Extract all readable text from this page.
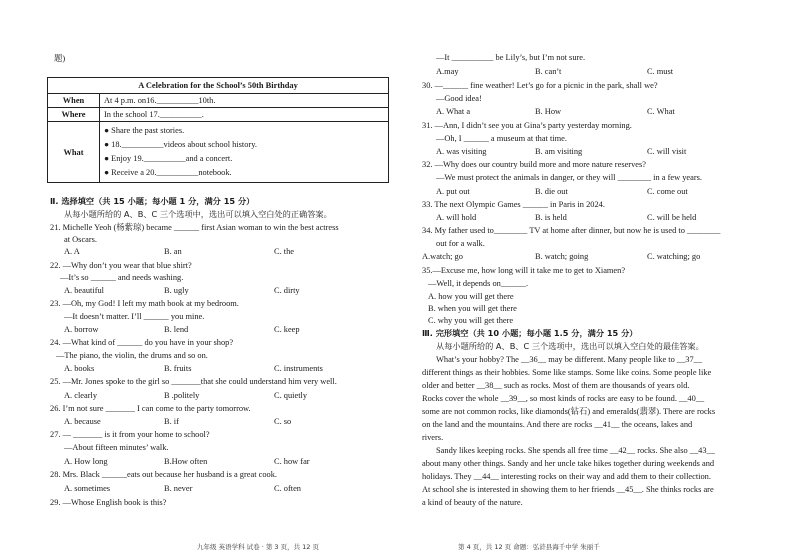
题)
A Celebration for the School’s 50th Birthday	
When	At 4 p.m. on16.__________10th.
Where	In the school 17.__________.
What	● Share the past stories.
● 18.__________videos about school history.
● Enjoy 19.__________and a concert.
● Receive a 20.__________notebook.
Ⅱ. 选择填空（共 15 小题；每小题 1 分，满分 15 分）
从每小题所给的 A、B、C 三个选项中，选出可以填入空白处的正确答案。
21. Michelle Yeoh (杨紫琼) became ______ first Asian woman to win the best actress
at Oscars.
A. A	B. an	C. the
22. —Why don’t you wear that blue shirt?
—It’s so ______ and needs washing.
A. beautiful	B. ugly	C. dirty
23. —Oh, my God! I left my math book at my bedroom.
—It doesn’t matter. I’ll ______ you mine.
A. borrow	B. lend	C. keep
24. —What kind of ______ do you have in your shop?
—The piano, the violin, the drums and so on.
A. books	B. fruits	C. instruments
25. —Mr. Jones spoke to the girl so _______that she could understand him very well.
A. clearly	B .politely	C. quietly
26. I’m not sure _______ I can come to the party tomorrow.
A. because	B. if	C. so
27. — _______ is it from your home to school?
—About fifteen minutes’ walk.
A. How long	B.How often	C. how far
28. Mrs. Black ______eats out because her husband is a great cook.
A. sometimes	B. never	C. often
29. —Whose English book is this?
九年级 英语学科 试卷 · 第 3 页，共 12 页
—It __________ be Lily’s, but I’m not sure.
A.may	B. can’t	C. must
30. —______ fine weather! Let’s go for a picnic in the park, shall we?
—Good idea!
A. What a	B. How	C. What
31. —Ann, I didn’t see you at Gina’s party yesterday morning.
—Oh, I ______ a museum at that time.
A. was visiting	B. am visiting	C. will visit
32. —Why does our country build more and more nature reserves?
—We must protect the animals in danger, or they will ________ in a few years.
A. put out	B. die out	C. come out
33. The next Olympic Games ______ in Paris in 2024.
A. will hold	B. is held	C. will be held
34. My father used to________ TV at home after dinner, but now he is used to ________
out for a walk.
A.watch; go	B. watch; going	C. watching; go
35.—Excuse me, how long will it take me to get to Xiamen?
—Well, it depends on______.
A. how you will get there
B. when you will get there
C. why you will get there
Ⅲ. 完形填空（共 10 小题；每小题 1.5 分，满分 15 分）
从每小题所给的 A、B、C 三个选项中，选出可以填入空白处的最佳答案。
What’s your hobby? The __36__ may be different. Many people like to __37__
different things as their hobbies. Some like stamps. Some like coins. Some people like
older and better __38__ such as rocks. Most of them are thousands of years old.
Rocks cover the whole __39__, so most kinds of rocks are easy to be found. __40__
some are not common rocks, like diamonds(钻石) and emeralds(翡翠). There are rocks
on the land and the mountains. And there are rocks __41__ the oceans, lakes and
rivers.
Sandy likes keeping rocks. She spends all free time __42__ rocks. She also __43__
about many other things. Sandy and her uncle take hikes together during weekends and
holidays. They __44__ interesting rocks on their way and add them to their collection.
At school she is interested in showing them to her friends __45__. She thinks rocks are
a kind of beauty of the nature.
第 4 页，共 12 页 命题：弘浒县海千中学 朱丽千
